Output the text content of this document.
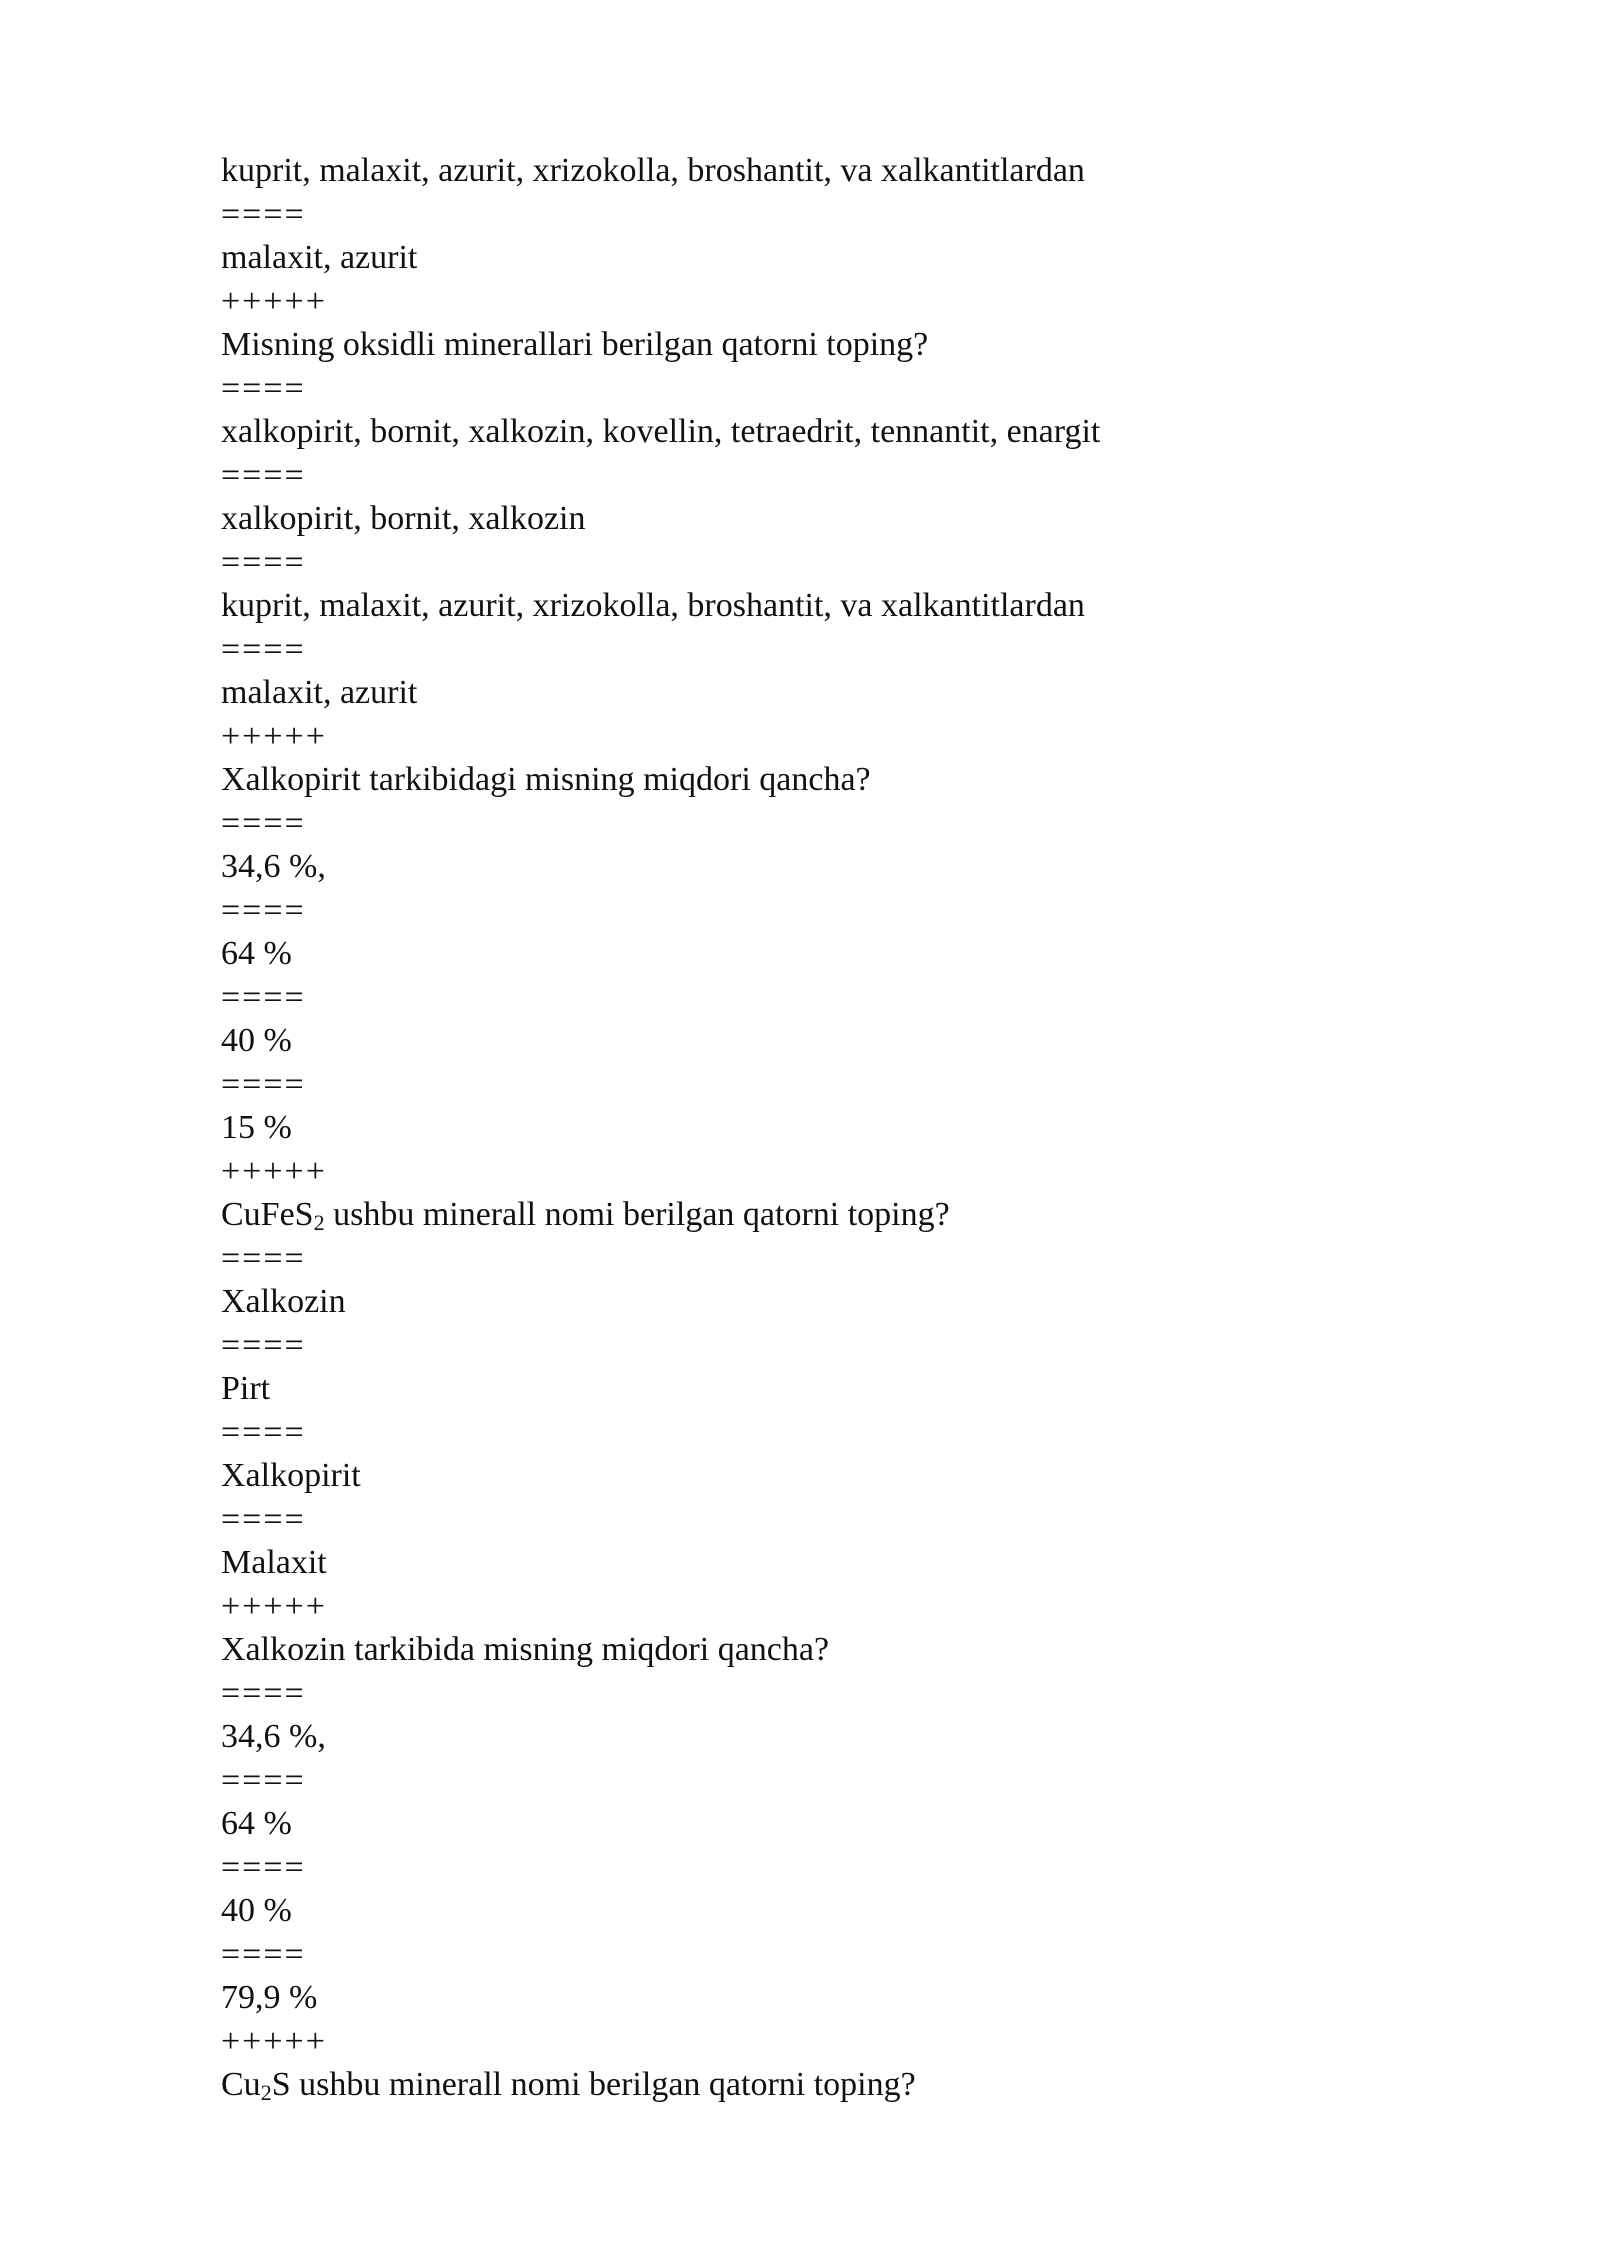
kuprit, malaxit, azurit, xrizokolla, broshantit, va xalkantitlardan
====
malaxit, azurit
+++++
Misning oksidli minerallari berilgan qatorni toping?
====
xalkopirit, bornit, xalkozin, kovellin, tetraedrit, tennantit, enargit
====
xalkopirit, bornit, xalkozin
====
kuprit, malaxit, azurit, xrizokolla, broshantit, va xalkantitlardan
====
malaxit, azurit
+++++
Xalkopirit tarkibidagi misning miqdori qancha?
====
34,6 %,
====
64 %
====
40 %
====
15 %
+++++
CuFeS$_2$ ushbu minerall nomi berilgan qatorni toping?
====
Xalkozin
====
Pirt
====
Xalkopirit
====
Malaxit
+++++
Xalkozin tarkibida misning miqdori qancha?
====
34,6 %,
====
64 %
====
40 %
====
79,9 %
+++++
$Cu_2S$ ushbu minerall nomi berilgan qatorni toping?
